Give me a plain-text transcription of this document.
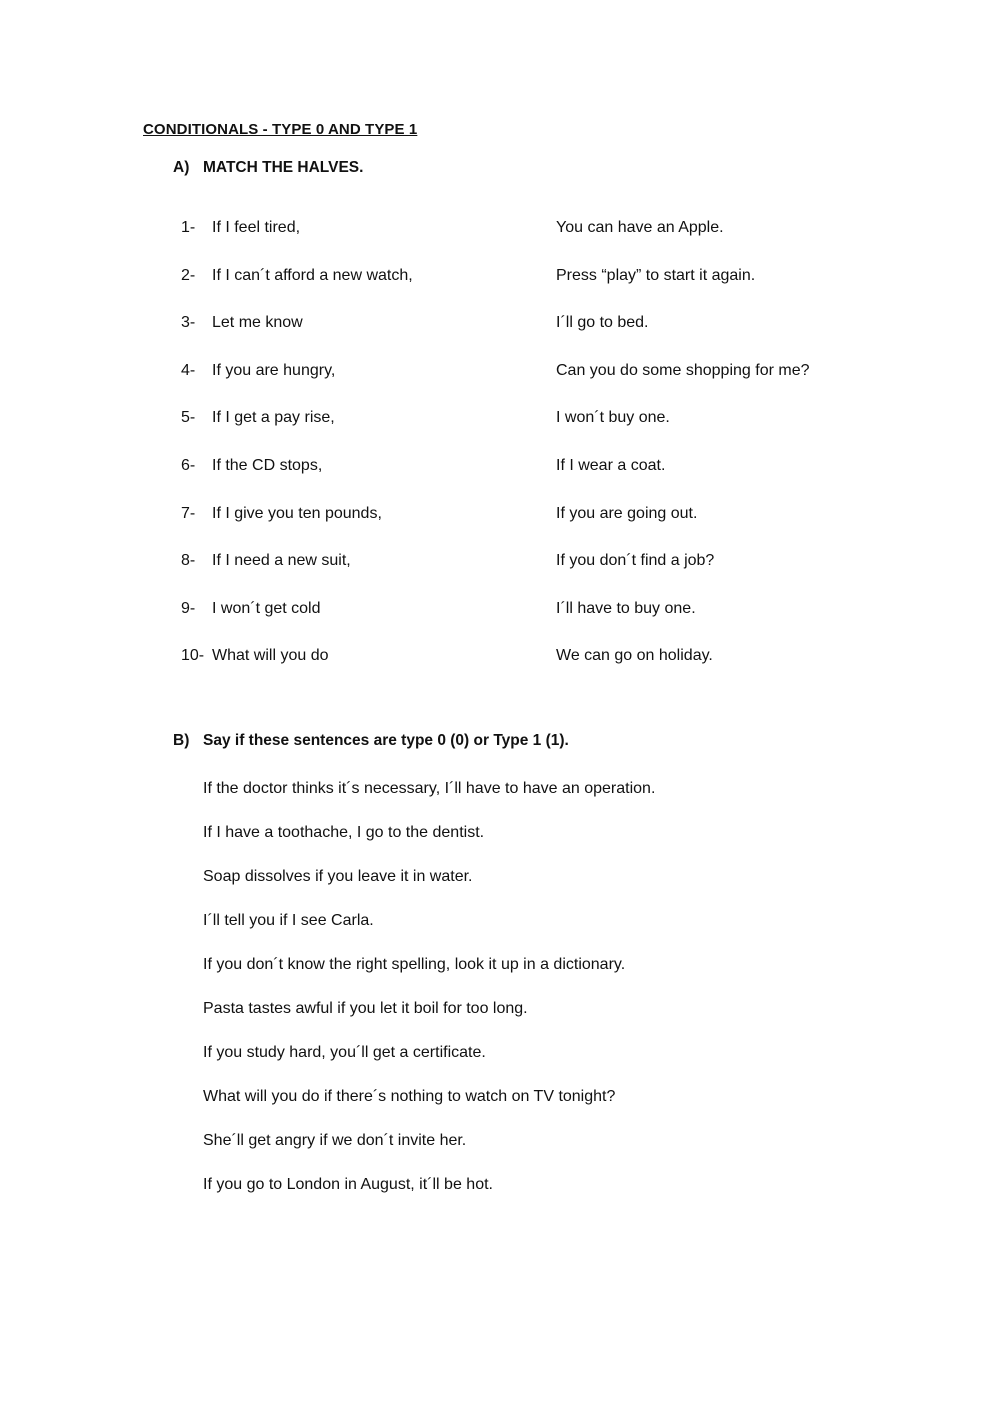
CONDITIONALS - TYPE 0 AND TYPE 1
A) MATCH THE HALVES.
1- If I feel tired,	You can have an Apple.
2- If I can´t afford a new watch,	Press “play” to start it again.
3- Let me know	I´ll go to bed.
4- If you are hungry,	Can you do some shopping for me?
5- If I get a pay rise,	I won´t buy one.
6- If the CD stops,	If I wear a coat.
7- If I give you ten pounds,	If you are going out.
8- If I need a new suit,	If you don´t find a job?
9- I won´t get cold	I´ll have to buy one.
10- What will you do	We can go on holiday.
B) Say if these sentences are type 0 (0) or Type 1 (1).
If the doctor thinks it´s necessary, I´ll have to have an operation.
If I have a toothache, I go to the dentist.
Soap dissolves if you leave it in water.
I´ll tell you if I see Carla.
If you don´t know the right spelling, look it up in a dictionary.
Pasta tastes awful if you let it boil for too long.
If you study hard, you´ll get a certificate.
What will you do if there´s nothing to watch on TV tonight?
She´ll get angry if we don´t invite her.
If you go to London in August, it´ll be hot.
